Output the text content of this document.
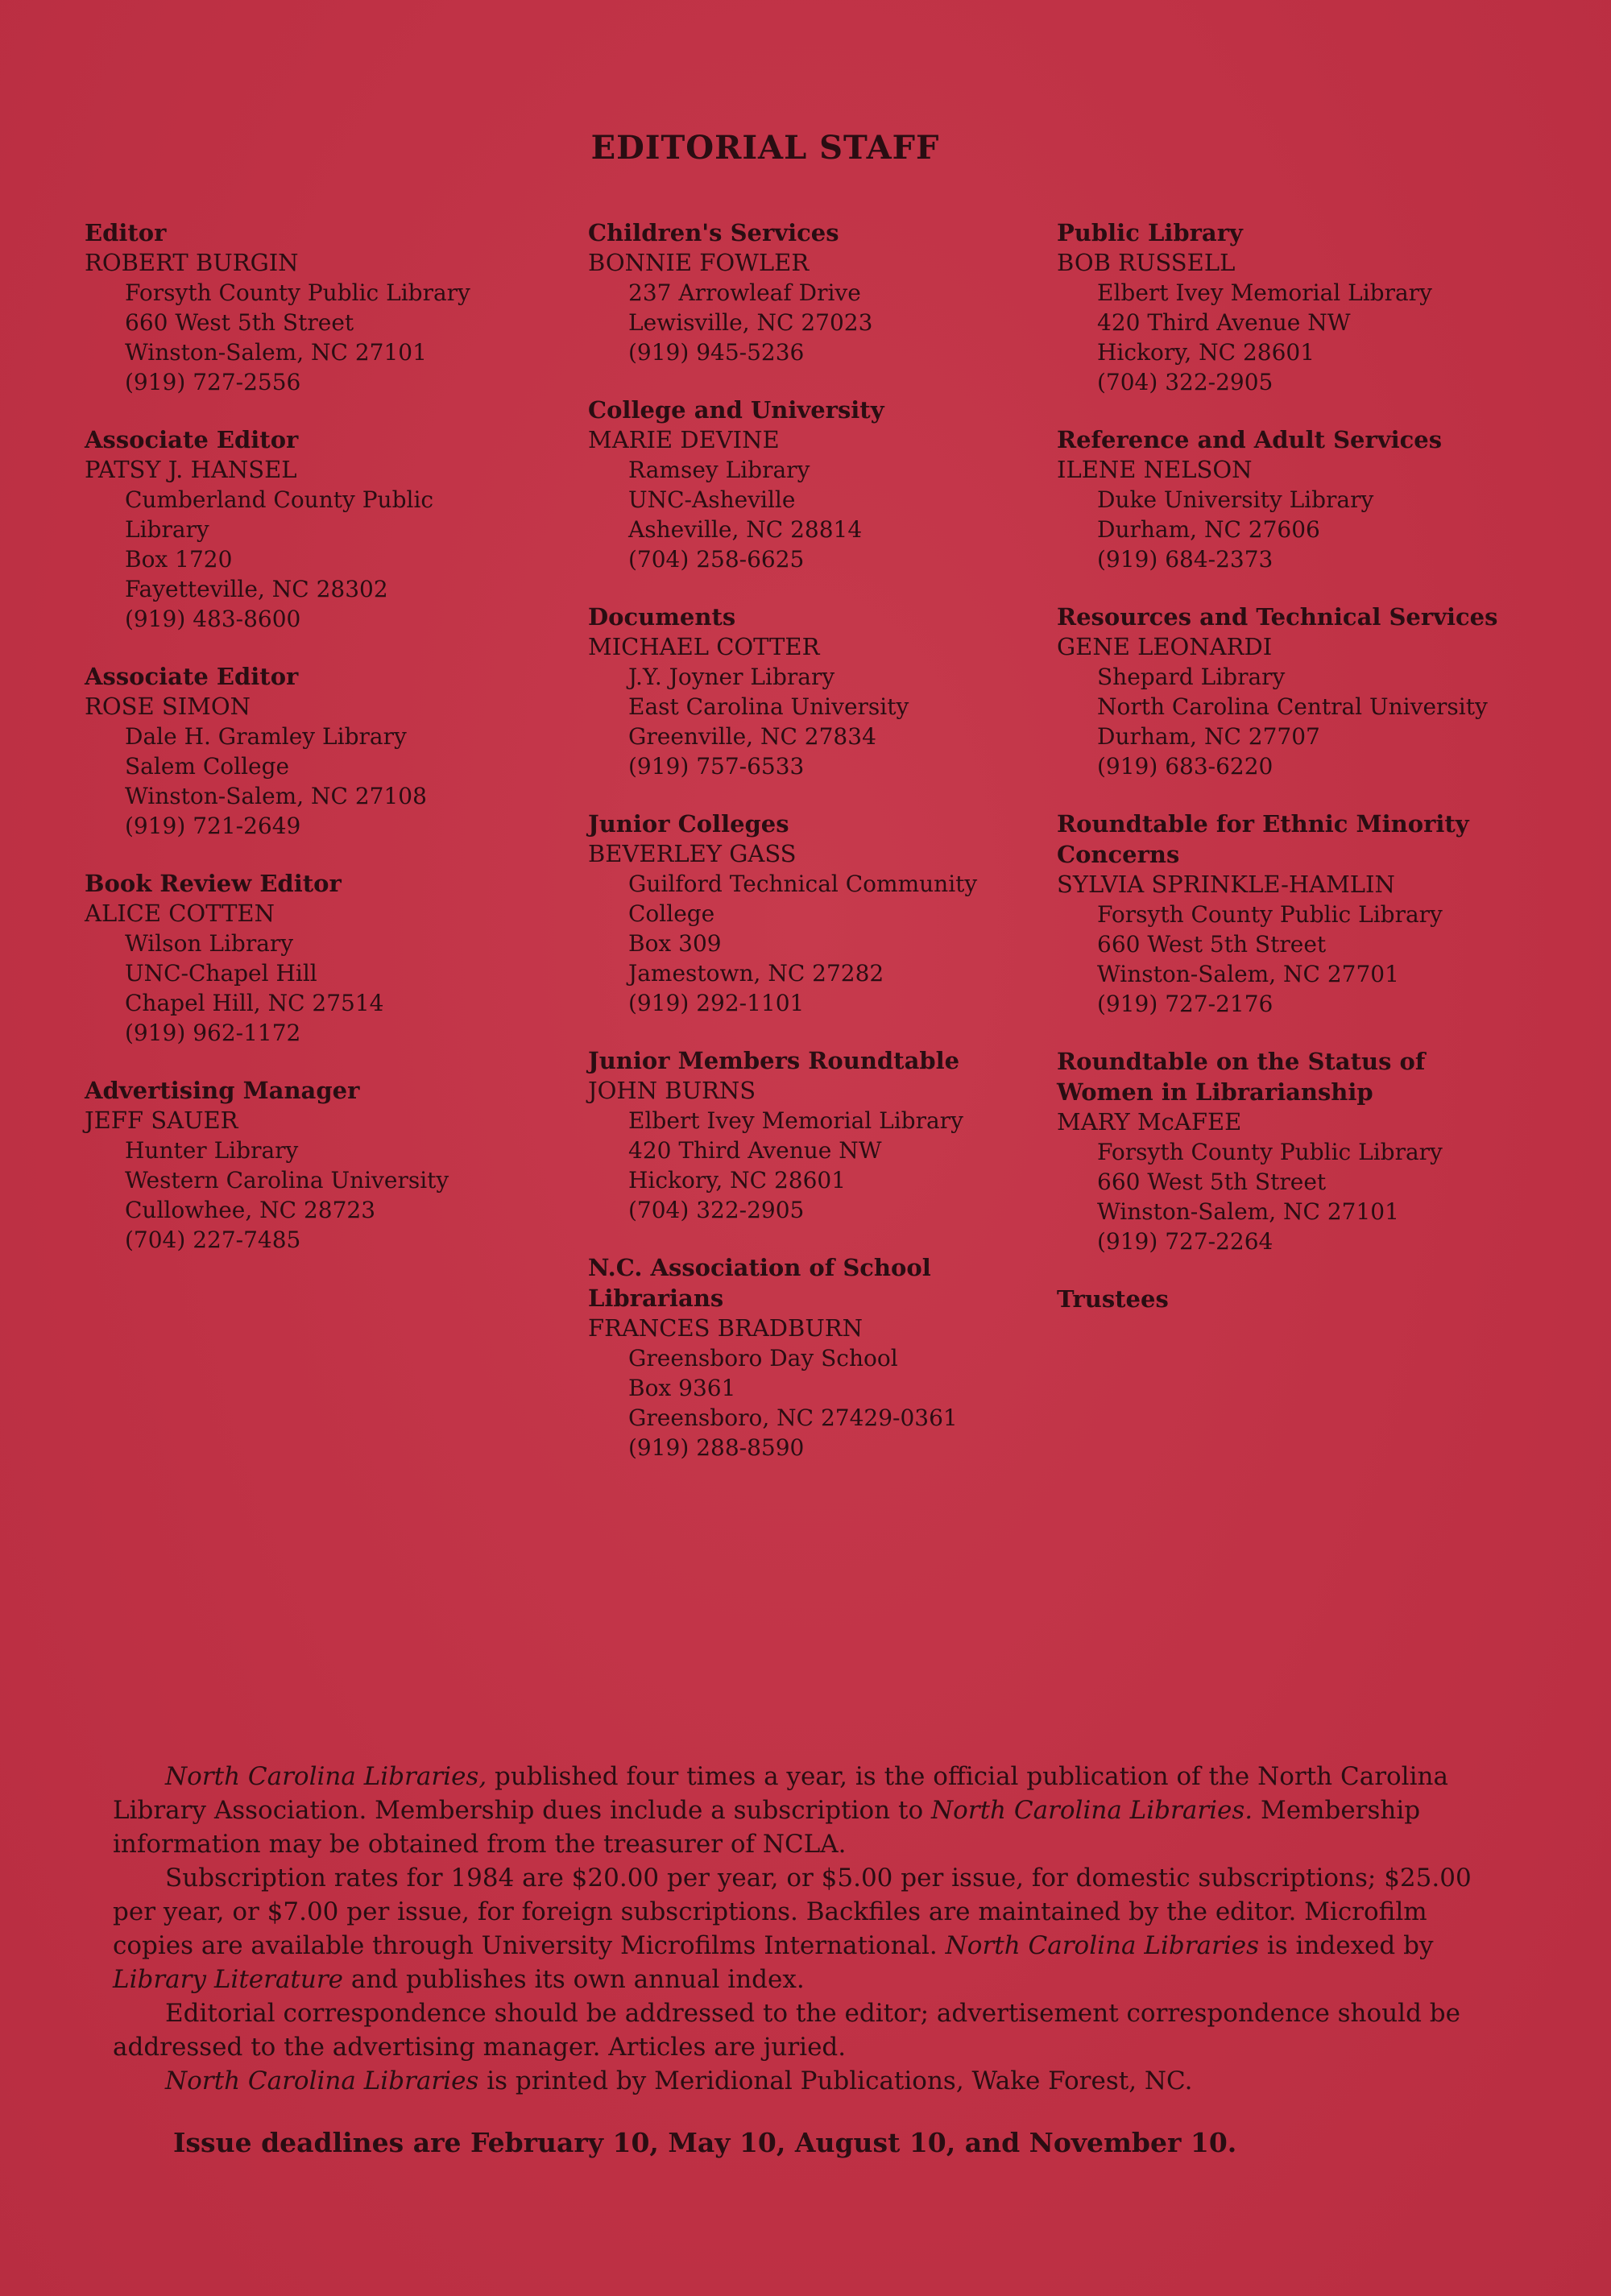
EDITORIAL STAFF
Editor
ROBERT BURGIN
Forsyth County Public Library
660 West 5th Street
Winston-Salem, NC 27101
(919) 727-2556
Associate Editor
PATSY J. HANSEL
Cumberland County Public
Library
Box 1720
Fayetteville, NC 28302
(919) 483-8600
Associate Editor
ROSE SIMON
Dale H. Gramley Library
Salem College
Winston-Salem, NC 27108
(919) 721-2649
Book Review Editor
ALICE COTTEN
Wilson Library
UNC-Chapel Hill
Chapel Hill, NC 27514
(919) 962-1172
Advertising Manager
JEFF SAUER
Hunter Library
Western Carolina University
Cullowhee, NC 28723
(704) 227-7485
Children's Services
BONNIE FOWLER
237 Arrowleaf Drive
Lewisville, NC 27023
(919) 945-5236
College and University
MARIE DEVINE
Ramsey Library
UNC-Asheville
Asheville, NC 28814
(704) 258-6625
Documents
MICHAEL COTTER
J.Y. Joyner Library
East Carolina University
Greenville, NC 27834
(919) 757-6533
Junior Colleges
BEVERLEY GASS
Guilford Technical Community
College
Box 309
Jamestown, NC 27282
(919) 292-1101
Junior Members Roundtable
JOHN BURNS
Elbert Ivey Memorial Library
420 Third Avenue NW
Hickory, NC 28601
(704) 322-2905
N.C. Association of School Librarians
FRANCES BRADBURN
Greensboro Day School
Box 9361
Greensboro, NC 27429-0361
(919) 288-8590
Public Library
BOB RUSSELL
Elbert Ivey Memorial Library
420 Third Avenue NW
Hickory, NC 28601
(704) 322-2905
Reference and Adult Services
ILENE NELSON
Duke University Library
Durham, NC 27606
(919) 684-2373
Resources and Technical Services
GENE LEONARDI
Shepard Library
North Carolina Central University
Durham, NC 27707
(919) 683-6220
Roundtable for Ethnic Minority Concerns
SYLVIA SPRINKLE-HAMLIN
Forsyth County Public Library
660 West 5th Street
Winston-Salem, NC 27701
(919) 727-2176
Roundtable on the Status of Women in Librarianship
MARY McAFEE
Forsyth County Public Library
660 West 5th Street
Winston-Salem, NC 27101
(919) 727-2264
Trustees

North Carolina Libraries, published four times a year, is the official publication of the North Carolina Library Association. Membership dues include a subscription to North Carolina Libraries. Membership information may be obtained from the treasurer of NCLA.

Subscription rates for 1984 are $20.00 per year, or $5.00 per issue, for domestic subscriptions; $25.00 per year, or $7.00 per issue, for foreign subscriptions. Backfiles are maintained by the editor. Microfilm copies are available through University Microfilms International. North Carolina Libraries is indexed by Library Literature and publishes its own annual index.

Editorial correspondence should be addressed to the editor; advertisement correspondence should be addressed to the advertising manager. Articles are juried.

North Carolina Libraries is printed by Meridional Publications, Wake Forest, NC.

Issue deadlines are February 10, May 10, August 10, and November 10.
